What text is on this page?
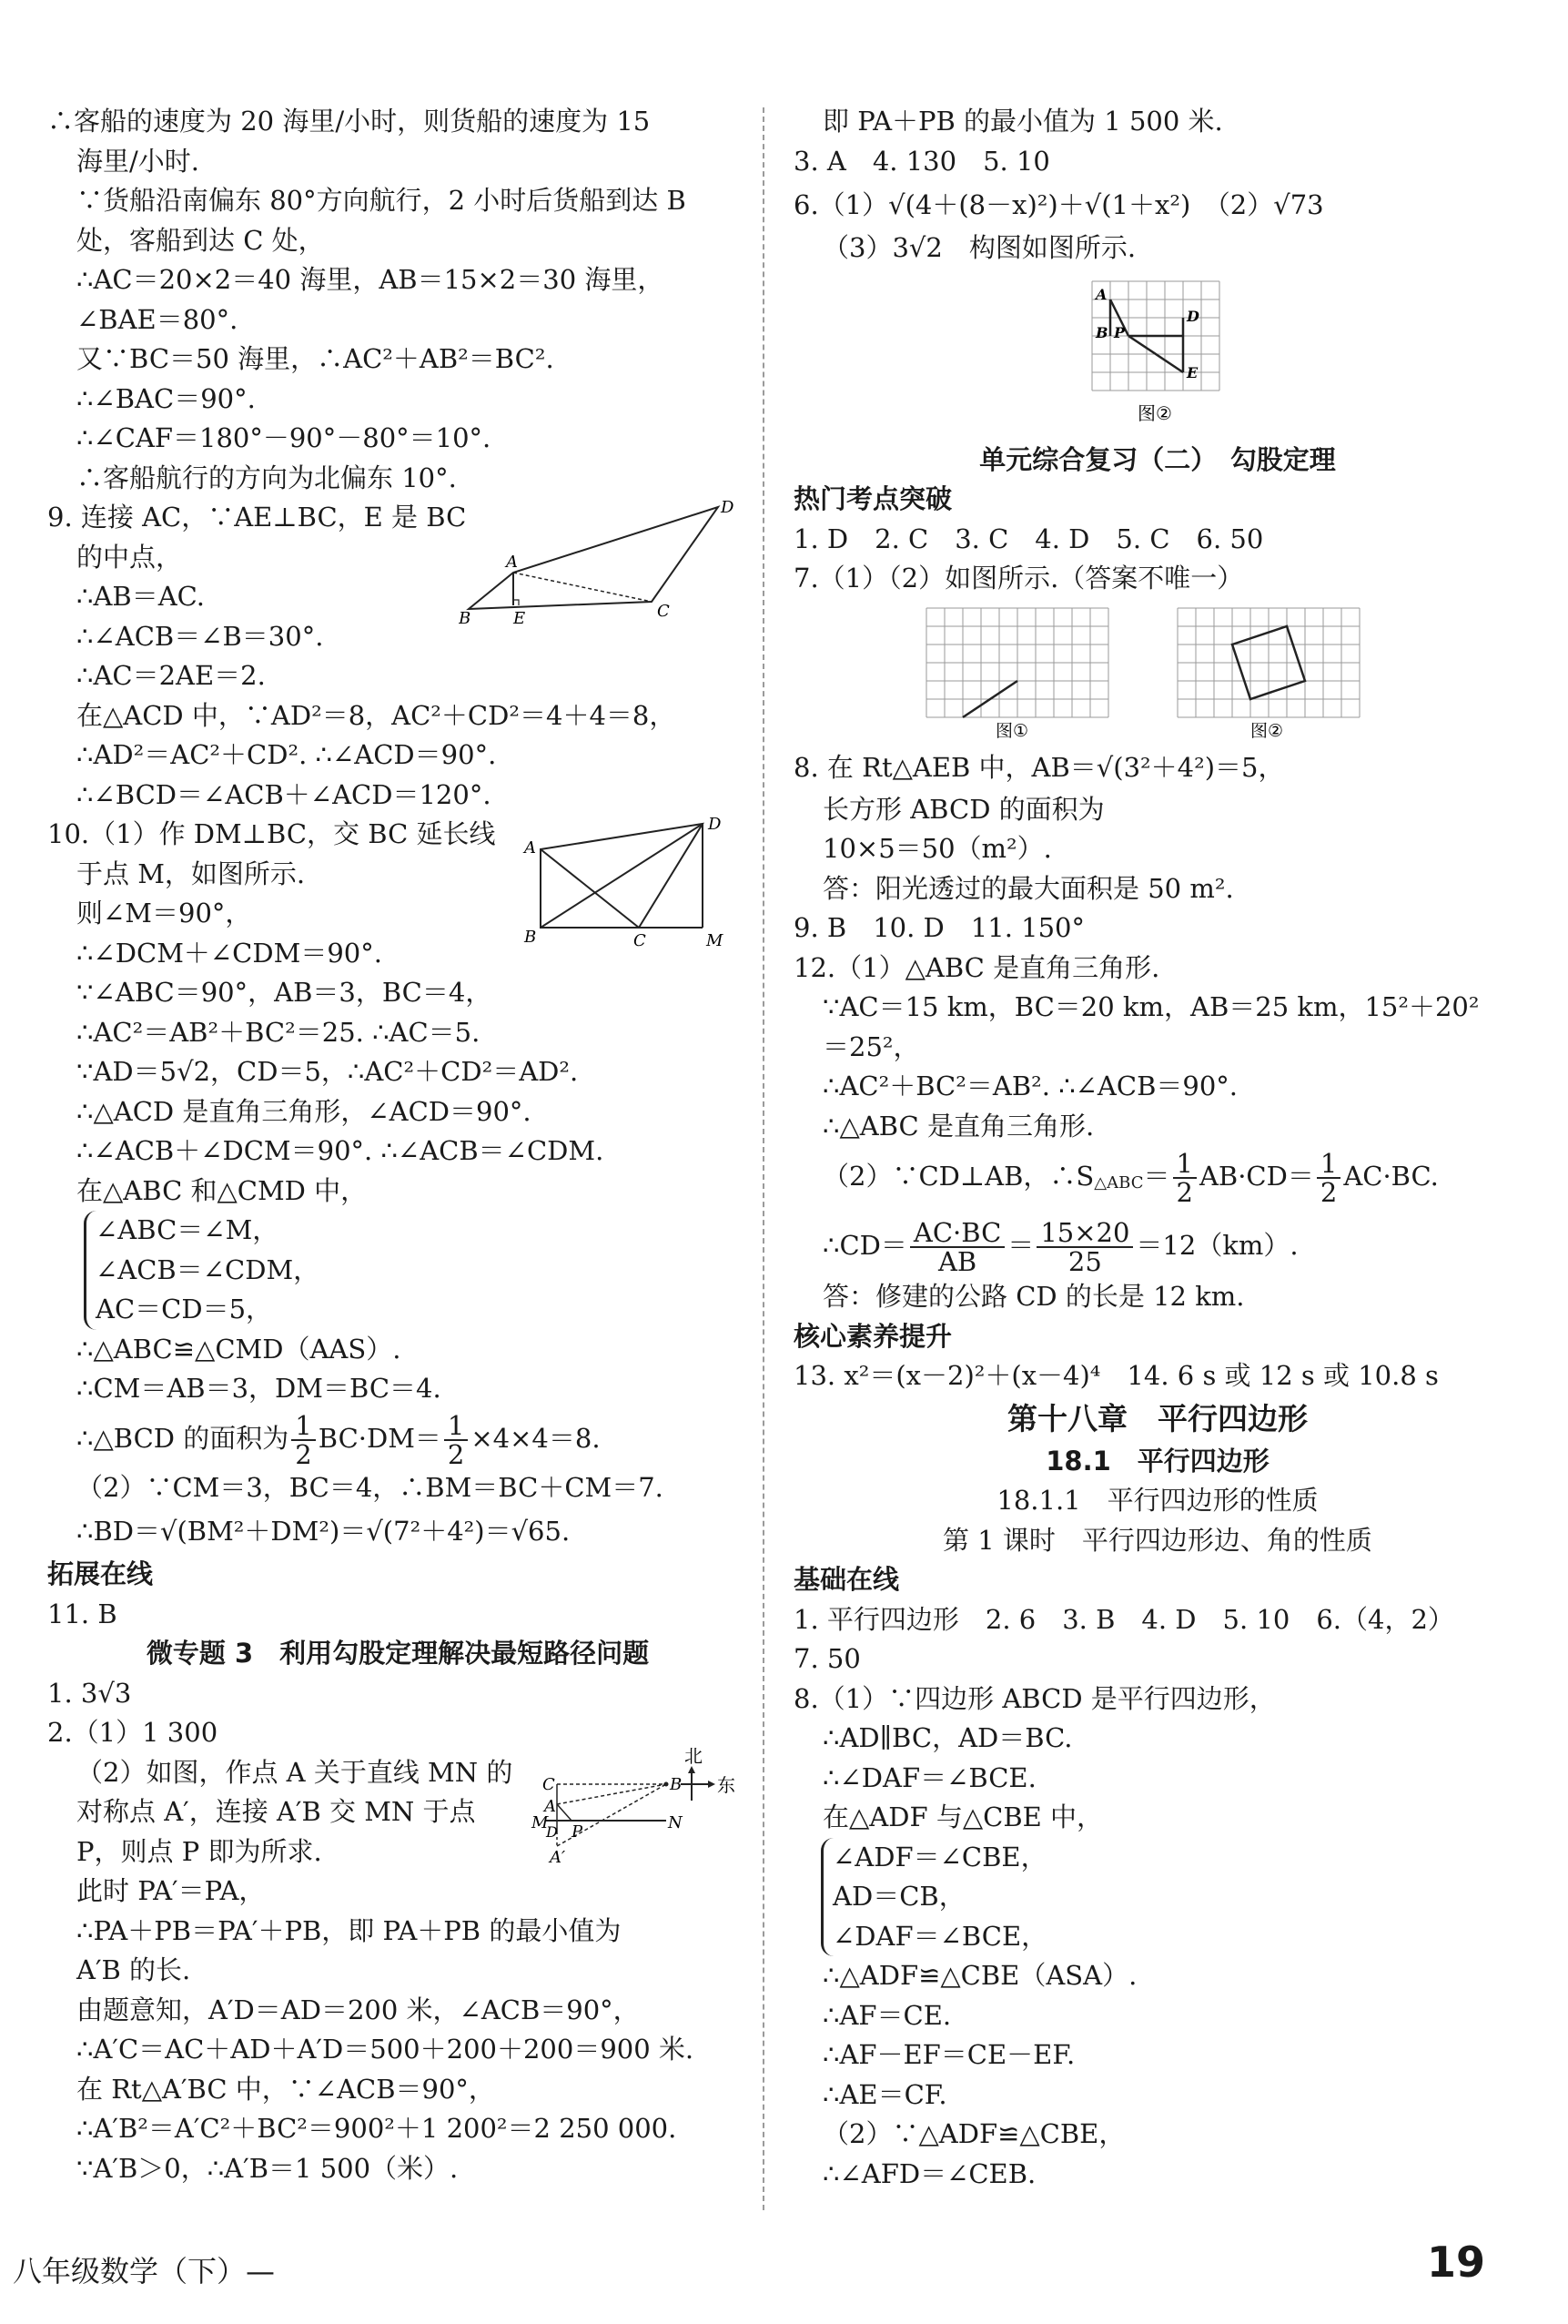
∴客船的速度为 20 海里/小时，则货船的速度为 15
海里/小时.
∵货船沿南偏东 80°方向航行，2 小时后货船到达 B
处，客船到达 C 处，
∴AC＝20×2＝40 海里，AB＝15×2＝30 海里，
∠BAE＝80°.
又∵BC＝50 海里，∴AC²＋AB²＝BC².
∴∠BAC＝90°.
∴∠CAF＝180°－90°－80°＝10°.
∴客船航行的方向为北偏东 10°.
9. 连接 AC，∵AE⊥BC，E 是 BC
的中点，
∴AB＝AC.
∴∠ACB＝∠B＝30°.
∴AC＝2AE＝2.
A
B	C
D
E
在△ACD 中，∵AD²＝8，AC²＋CD²＝4＋4＝8，
∴AD²＝AC²＋CD². ∴∠ACD＝90°.
∴∠BCD＝∠ACB＋∠ACD＝120°.
10.（1）作 DM⊥BC，交 BC 延长线
于点 M，如图所示.
则∠M＝90°，
∴∠DCM＋∠CDM＝90°.
∵∠ABC＝90°，AB＝3，BC＝4，
∴AC²＝AB²＋BC²＝25. ∴AC＝5.
∵AD＝5√2，CD＝5，∴AC²＋CD²＝AD².
∴△ACD 是直角三角形，∠ACD＝90°.
∴∠ACB＋∠DCM＝90°. ∴∠ACB＝∠CDM.
在△ABC 和△CMD 中，
A
B	C
D
M
∠ABC＝∠M，
∠ACB＝∠CDM，
AC＝CD＝5，
∴△ABC≌△CMD（AAS）.
∴CM＝AB＝3，DM＝BC＝4.
∴△BCD 的面积为 $\frac{1}{2} BC\cdot DM= \frac{1}{2} \times 4\times 4=8$.
（2）∵CM＝3，BC＝4，∴BM＝BC＋CM＝7.
∴BD＝√(BM²＋DM²)＝√(7²＋4²)＝√65.
拓展在线
11. B
微专题 3　利用勾股定理解决最短路径问题
1. 3√3
2.（1）1 300
（2）如图，作点 A 关于直线 MN 的
对称点 A′，连接 A′B 交 MN 于点
P，则点 P 即为所求.
此时 PA′＝PA，
北
东
C	B
A
M
D P	N
A′
∴PA＋PB＝PA′＋PB，即 PA＋PB 的最小值为
A′B 的长.
由题意知，A′D＝AD＝200 米，∠ACB＝90°，
∴A′C＝AC＋AD＋A′D＝500＋200＋200＝900 米.
在 Rt△A′BC 中，∵∠ACB＝90°，
∴A′B²＝A′C²＋BC²＝900²＋1 200²＝2 250 000.
∵A′B＞0，∴A′B＝1 500（米）.
即 PA＋PB 的最小值为 1 500 米.
3. A　4. 130　5. 10
6.（1）√(4＋(8－x)²)＋√(1＋x²)　（2）√73
（3）3√2　构图如图所示.
A
B P
D
E
图②
单元综合复习（二）　勾股定理
热门考点突破
1. D　2. C　3. C　4. D　5. C　6. 50
7.（1）（2）如图所示.（答案不唯一）
图①	图②
8. 在 Rt△AEB 中，AB＝√(3²＋4²)＝5，
长方形 ABCD 的面积为
10×5＝50（m²）.
答：阳光透过的最大面积是 50 m².
9. B　10. D　11. 150°
12.（1）△ABC 是直角三角形.
∵AC＝15 km，BC＝20 km，AB＝25 km，15²＋20²
＝25²，
∴AC²＋BC²＝AB². ∴∠ACB＝90°.
∴△ABC 是直角三角形.
（2）∵CD⊥AB，∴S△ABC＝ $\frac{1}{2} AB\cdot CD= \frac{1}{2} AC\cdot BC$.
∴CD＝ $\frac{AC\cdot BC}{AB} = \frac{15\times 20}{25} =12(km)$.
答：修建的公路 CD 的长是 12 km.
核心素养提升
13. x²＝(x－2)²＋(x－4)⁴　14. 6 s 或 12 s 或 10.8 s
第十八章　平行四边形
18.1　平行四边形
18.1.1　平行四边形的性质
第 1 课时　平行四边形边、角的性质
基础在线
1. 平行四边形　2. 6　3. B　4. D　5. 10　6.（4，2）
7. 50
8.（1）∵四边形 ABCD 是平行四边形，
∴AD∥BC，AD＝BC.
∴∠DAF＝∠BCE.
在△ADF 与△CBE 中，
∠ADF＝∠CBE，
AD＝CB，
∠DAF＝∠BCE，
∴△ADF≌△CBE（ASA）.
∴AF＝CE.
∴AF－EF＝CE－EF.
∴AE＝CF.
（2）∵△ADF≌△CBE，
∴∠AFD＝∠CEB.
八年级数学（下）—	19
